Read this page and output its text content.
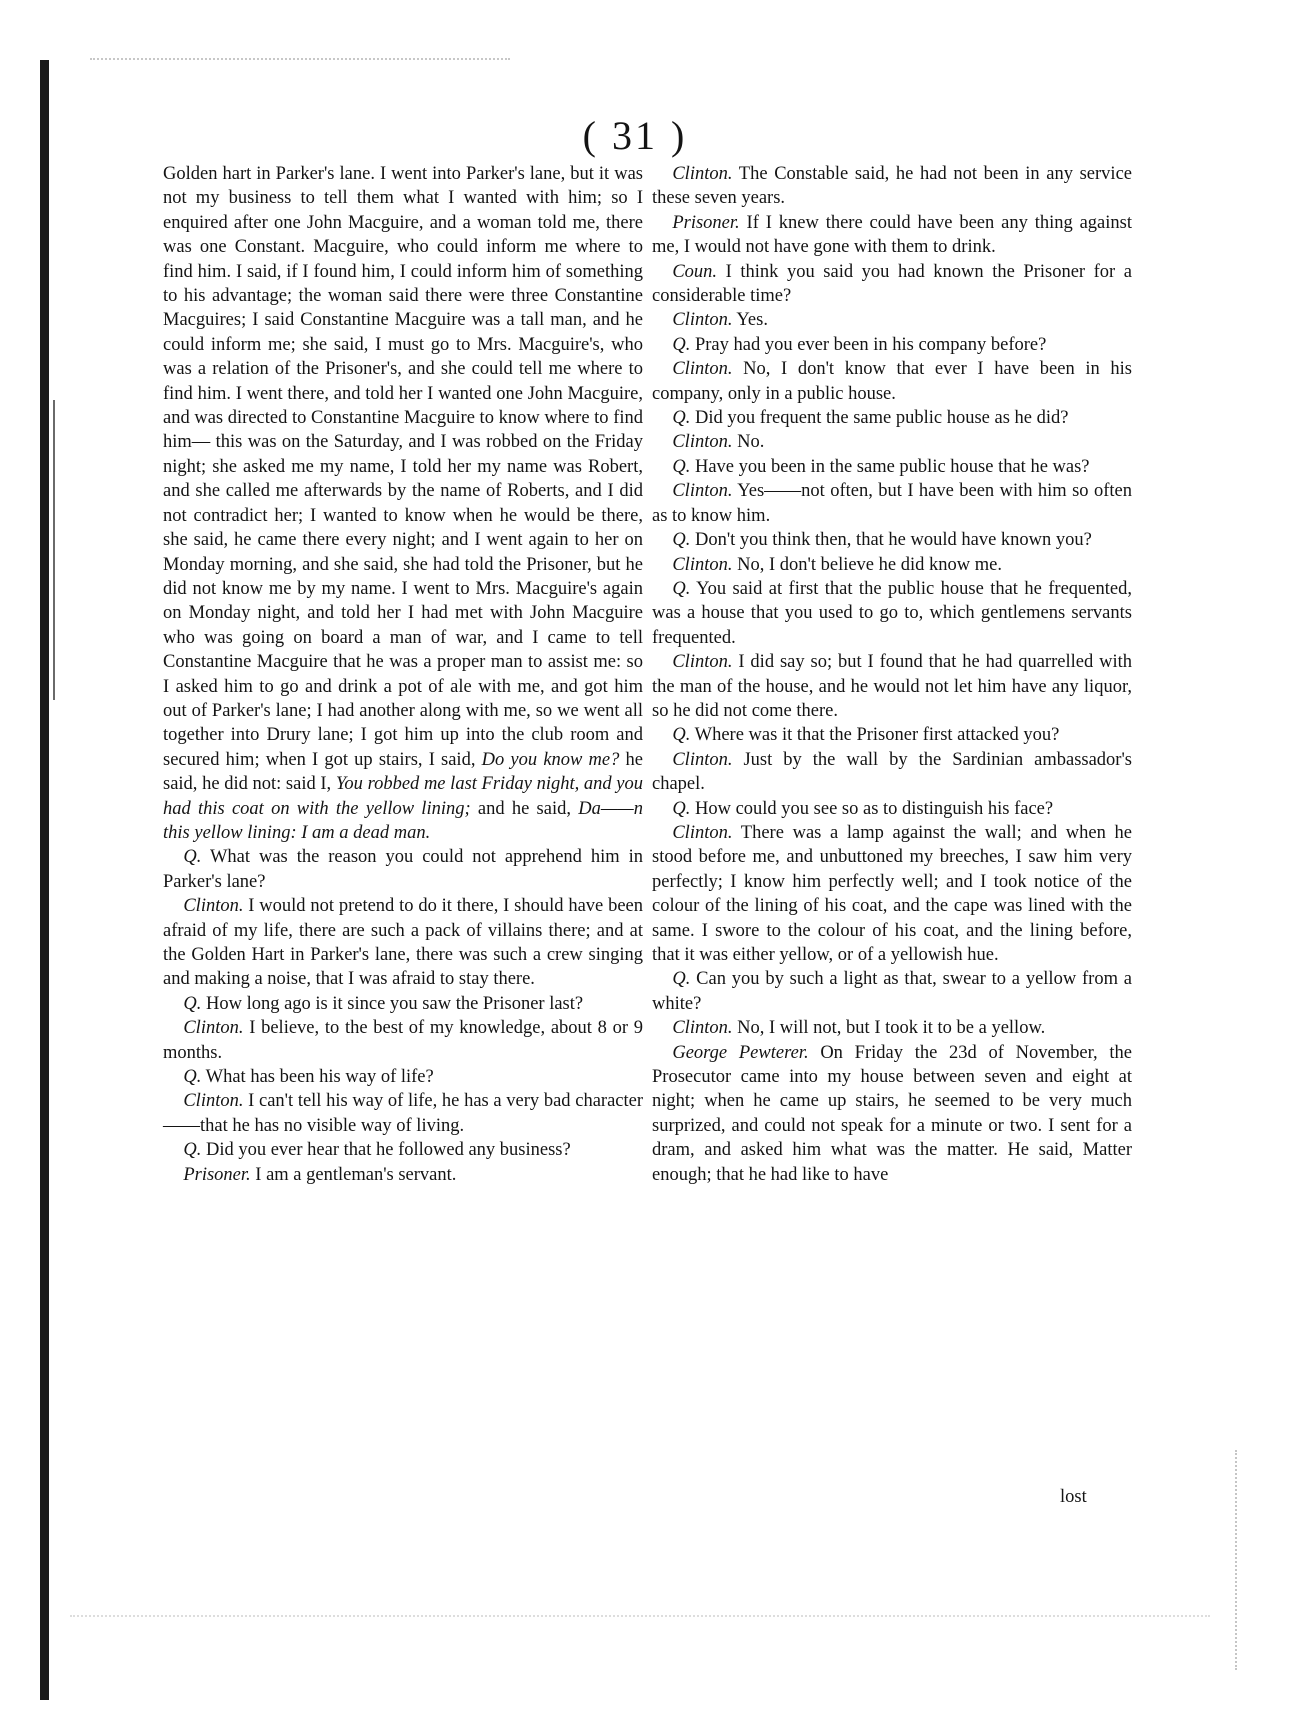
( 31 )

Golden hart in Parker's lane. I went into Parker's lane, but it was not my business to tell them what I wanted with him; so I enquired after one John Macguire, and a woman told me, there was one Constant. Macguire, who could inform me where to find him. I said, if I found him, I could inform him of something to his advantage; the woman said there were three Constantine Macguires; I said Constantine Macguire was a tall man, and he could inform me; she said, I must go to Mrs. Macguire's, who was a relation of the Prisoner's, and she could tell me where to find him. I went there, and told her I wanted one John Macguire, and was directed to Constantine Macguire to know where to find him— this was on the Saturday, and I was robbed on the Friday night; she asked me my name, I told her my name was Robert, and she called me afterwards by the name of Roberts, and I did not contradict her; I wanted to know when he would be there, she said, he came there every night; and I went again to her on Monday morning, and she said, she had told the Prisoner, but he did not know me by my name. I went to Mrs. Macguire's again on Monday night, and told her I had met with John Macguire who was going on board a man of war, and I came to tell Constantine Macguire that he was a proper man to assist me: so I asked him to go and drink a pot of ale with me, and got him out of Parker's lane; I had another along with me, so we went all together into Drury lane; I got him up into the club room and secured him; when I got up stairs, I said, Do you know me? he said, he did not: said I, You robbed me last Friday night, and you had this coat on with the yellow lining; and he said, Da——n this yellow lining: I am a dead man.

Q. What was the reason you could not apprehend him in Parker's lane?

Clinton. I would not pretend to do it there, I should have been afraid of my life, there are such a pack of villains there; and at the Golden Hart in Parker's lane, there was such a crew singing and making a noise, that I was afraid to stay there.

Q. How long ago is it since you saw the Prisoner last?

Clinton. I believe, to the best of my knowledge, about 8 or 9 months.

Q. What has been his way of life?

Clinton. I can't tell his way of life, he has a very bad character——that he has no visible way of living.

Q. Did you ever hear that he followed any business?

Prisoner. I am a gentleman's servant.

Clinton. The Constable said, he had not been in any service these seven years.

Prisoner. If I knew there could have been any thing against me, I would not have gone with them to drink.

Coun. I think you said you had known the Prisoner for a considerable time?

Clinton. Yes.

Q. Pray had you ever been in his company before?

Clinton. No, I don't know that ever I have been in his company, only in a public house.

Q. Did you frequent the same public house as he did?

Clinton. No.

Q. Have you been in the same public house that he was?

Clinton. Yes——not often, but I have been with him so often as to know him.

Q. Don't you think then, that he would have known you?

Clinton. No, I don't believe he did know me.

Q. You said at first that the public house that he frequented, was a house that you used to go to, which gentlemens servants frequented.

Clinton. I did say so; but I found that he had quarrelled with the man of the house, and he would not let him have any liquor, so he did not come there.

Q. Where was it that the Prisoner first attacked you?

Clinton. Just by the wall by the Sardinian ambassador's chapel.

Q. How could you see so as to distinguish his face?

Clinton. There was a lamp against the wall; and when he stood before me, and unbuttoned my breeches, I saw him very perfectly; I know him perfectly well; and I took notice of the colour of the lining of his coat, and the cape was lined with the same. I swore to the colour of his coat, and the lining before, that it was either yellow, or of a yellowish hue.

Q. Can you by such a light as that, swear to a yellow from a white?

Clinton. No, I will not, but I took it to be a yellow.

George Pewterer. On Friday the 23d of November, the Prosecutor came into my house between seven and eight at night; when he came up stairs, he seemed to be very much surprized, and could not speak for a minute or two. I sent for a dram, and asked him what was the matter. He said, Matter enough; that he had like to have

lost
